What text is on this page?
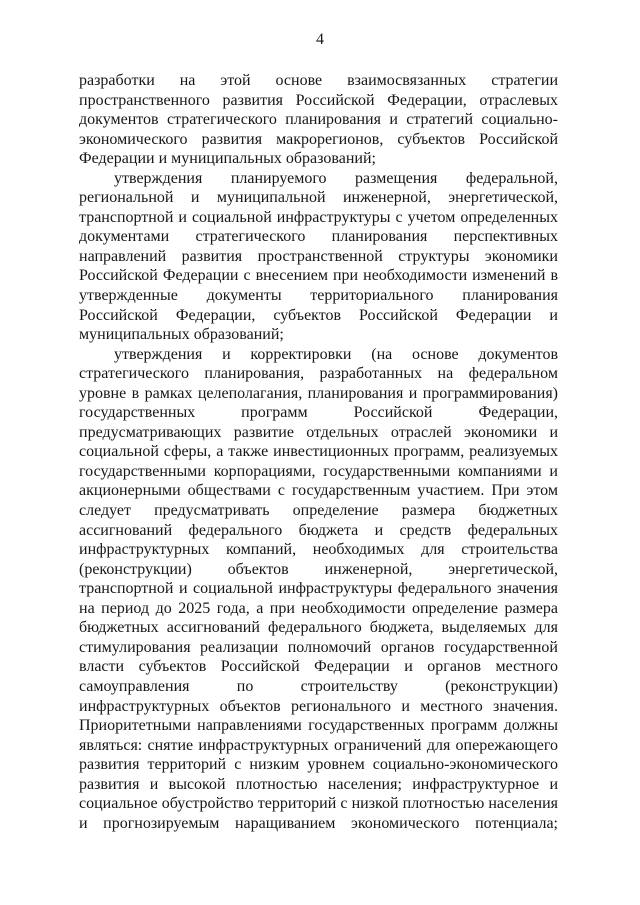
4
разработки на этой основе взаимосвязанных стратегии
пространственного развития Российской Федерации, отраслевых
документов стратегического планирования и стратегий социально-
экономического развития макрорегионов, субъектов Российской
Федерации и муниципальных образований;
утверждения планируемого размещения федеральной,
региональной и муниципальной инженерной, энергетической,
транспортной и социальной инфраструктуры с учетом определенных
документами стратегического планирования перспективных
направлений развития пространственной структуры экономики
Российской Федерации с внесением при необходимости изменений в
утвержденные документы территориального планирования
Российской Федерации, субъектов Российской Федерации и
муниципальных образований;
утверждения и корректировки (на основе документов
стратегического планирования, разработанных на федеральном
уровне в рамках целеполагания, планирования и программирования)
государственных программ Российской Федерации,
предусматривающих развитие отдельных отраслей экономики и
социальной сферы, а также инвестиционных программ, реализуемых
государственными корпорациями, государственными компаниями и
акционерными обществами с государственным участием. При этом
следует предусматривать определение размера бюджетных
ассигнований федерального бюджета и средств федеральных
инфраструктурных компаний, необходимых для строительства
(реконструкции) объектов инженерной, энергетической,
транспортной и социальной инфраструктуры федерального значения
на период до 2025 года, а при необходимости определение размера
бюджетных ассигнований федерального бюджета, выделяемых для
стимулирования реализации полномочий органов государственной
власти субъектов Российской Федерации и органов местного
самоуправления по строительству (реконструкции)
инфраструктурных объектов регионального и местного значения.
Приоритетными направлениями государственных программ должны
являться: снятие инфраструктурных ограничений для опережающего
развития территорий с низким уровнем социально-экономического
развития и высокой плотностью населения; инфраструктурное и
социальное обустройство территорий с низкой плотностью населения
и прогнозируемым наращиванием экономического потенциала;
